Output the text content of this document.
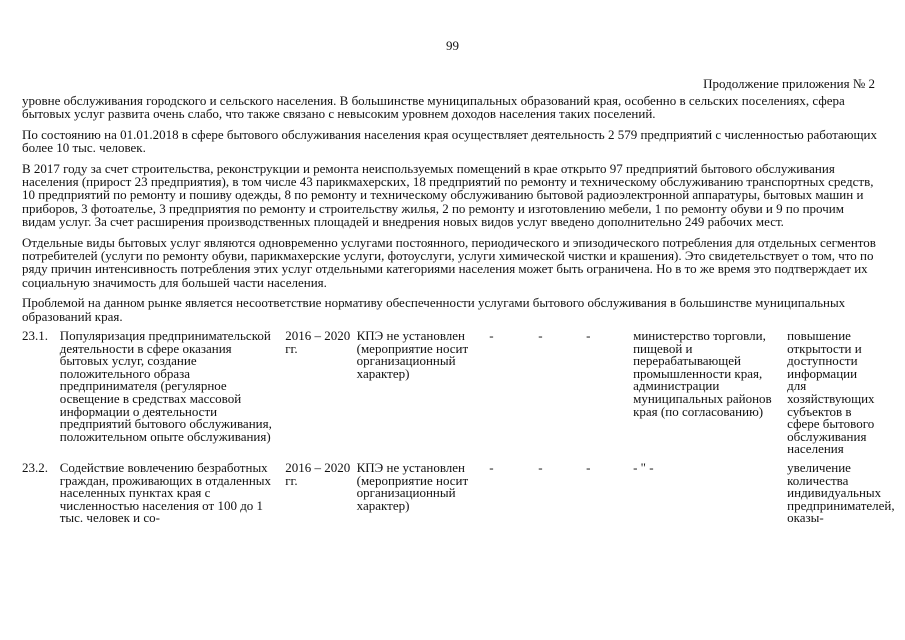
99
Продолжение приложения № 2

уровне обслуживания городского и сельского населения. В большинстве муниципальных образований края, особенно в сельских поселениях, сфера бытовых услуг развита очень слабо, что также связано с невысоким уровнем доходов населения таких поселений.

По состоянию на 01.01.2018 в сфере бытового обслуживания населения края осуществляет деятельность 2 579 предприятий с численностью работающих более 10 тыс. человек.

В 2017 году за счет строительства, реконструкции и ремонта неиспользуемых помещений в крае открыто 97 предприятий бытового обслуживания населения (прирост 23 предприятия), в том числе 43 парикмахерских, 18 предприятий по ремонту и техническому обслуживанию транспортных средств, 10 предприятий по ремонту и пошиву одежды, 8 по ремонту и техническому обслуживанию бытовой радиоэлектронной аппаратуры, бытовых машин и приборов, 3 фотоателье, 3 предприятия по ремонту и строительству жилья, 2 по ремонту и изготовлению мебели, 1 по ремонту обуви и 9 по прочим видам услуг. За счет расширения производственных площадей и внедрения новых видов услуг введено дополнительно 249 рабочих мест.

Отдельные виды бытовых услуг являются одновременно услугами постоянного, периодического и эпизодического потребления для отдельных сегментов потребителей (услуги по ремонту обуви, парикмахерские услуги, фотоуслуги, услуги химической чистки и крашения). Это свидетельствует о том, что по ряду причин интенсивность потребления этих услуг отдельными категориями населения может быть ограничена. Но в то же время это подтверждает их социальную значимость для большей части населения.

Проблемой на данном рынке является несоответствие нормативу обеспеченности услугами бытового обслуживания в большинстве муниципальных образований края.

23.1.	Популяризация предпринимательской деятельности в сфере оказания бытовых услуг, создание положительного образа предпринимателя (регулярное освещение в средствах массовой информации о деятельности предприятий бытового обслуживания, положительном опыте обслуживания)	2016 – 2020 гг.	КПЭ не установлен (мероприятие носит организационный характер)	-	-	-	министерство торговли, пищевой и перерабатывающей промышленности края, администрации муниципальных районов края (по согласованию)	повышение открытости и доступности информации для хозяйствующих субъектов в сфере бытового обслуживания населения
23.2.	Содействие вовлечению безработных граждан, проживающих в отдаленных населенных пунктах края с численностью населения от 100 до 1 тыс. человек и со-	2016 – 2020 гг.	КПЭ не установлен (мероприятие носит организационный характер)	-	-	-	- " -	увеличение количества индивидуальных предпринимателей, оказы-
